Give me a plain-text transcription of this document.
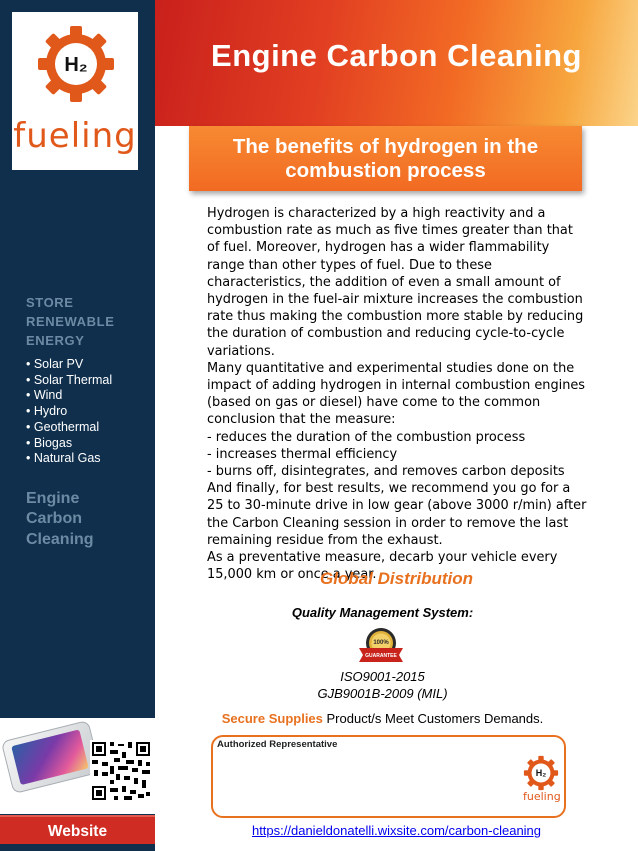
H₂
fueling
STORE RENEWABLE ENERGY
• Solar PV
• Solar Thermal
• Wind
• Hydro
• Geothermal
• Biogas
• Natural Gas
Engine Carbon Cleaning
Website
Engine Carbon Cleaning
The benefits of hydrogen in the combustion process

Hydrogen is characterized by a high reactivity and a combustion rate as much as five times greater than that of fuel. Moreover, hydrogen has a wider flammability range than other types of fuel. Due to these characteristics, the addition of even a small amount of hydrogen in the fuel-air mixture increases the combustion rate thus making the combustion more stable by reducing the duration of combustion and reducing cycle-to-cycle variations.

Many quantitative and experimental studies done on the impact of adding hydrogen in internal combustion engines (based on gas or diesel) have come to the common conclusion that the measure:

- reduces the duration of the combustion process

- increases thermal efficiency

- burns off, disintegrates, and removes carbon deposits

And finally, for best results, we recommend you go for a 25 to 30-minute drive in low gear (above 3000 r/min) after the Carbon Cleaning session in order to remove the last remaining residue from the exhaust.

As a preventative measure, decarb your vehicle every 15,000 km or once a year.

Global Distribution
Quality Management System:
100%
GUARANTEE
ISO9001-2015
GJB9001B-2009 (MIL)
Secure Supplies Product/s Meet Customers Demands.
Authorized Representative
H₂
fueling
https://danieldonatelli.wixsite.com/carbon-cleaning
